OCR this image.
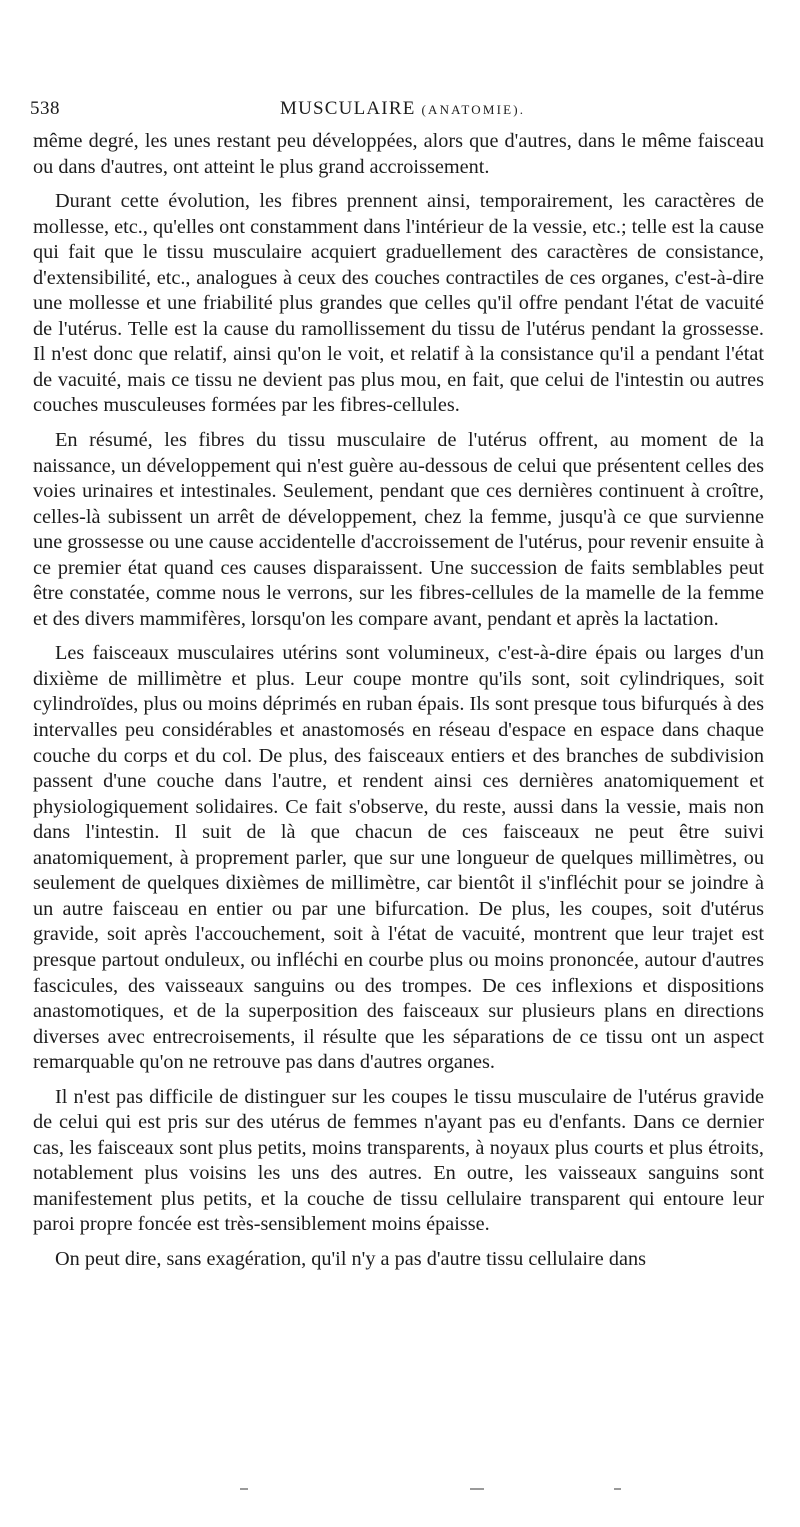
538	MUSCULAIRE (ANATOMIE).

même degré, les unes restant peu développées, alors que d'autres, dans le même faisceau ou dans d'autres, ont atteint le plus grand accroissement.

Durant cette évolution, les fibres prennent ainsi, temporairement, les caractères de mollesse, etc., qu'elles ont constamment dans l'intérieur de la vessie, etc.; telle est la cause qui fait que le tissu musculaire acquiert graduellement des caractères de consistance, d'extensibilité, etc., analogues à ceux des couches contractiles de ces organes, c'est-à-dire une mollesse et une friabilité plus grandes que celles qu'il offre pendant l'état de vacuité de l'utérus. Telle est la cause du ramollissement du tissu de l'utérus pendant la grossesse. Il n'est donc que relatif, ainsi qu'on le voit, et relatif à la consistance qu'il a pendant l'état de vacuité, mais ce tissu ne devient pas plus mou, en fait, que celui de l'intestin ou autres couches musculeuses formées par les fibres-cellules.

En résumé, les fibres du tissu musculaire de l'utérus offrent, au moment de la naissance, un développement qui n'est guère au-dessous de celui que présentent celles des voies urinaires et intestinales. Seulement, pendant que ces dernières continuent à croître, celles-là subissent un arrêt de développement, chez la femme, jusqu'à ce que survienne une grossesse ou une cause accidentelle d'accroissement de l'utérus, pour revenir ensuite à ce premier état quand ces causes disparaissent. Une succession de faits semblables peut être constatée, comme nous le verrons, sur les fibres-cellules de la mamelle de la femme et des divers mammifères, lorsqu'on les compare avant, pendant et après la lactation.

Les faisceaux musculaires utérins sont volumineux, c'est-à-dire épais ou larges d'un dixième de millimètre et plus. Leur coupe montre qu'ils sont, soit cylindriques, soit cylindroïdes, plus ou moins déprimés en ruban épais. Ils sont presque tous bifurqués à des intervalles peu considérables et anastomosés en réseau d'espace en espace dans chaque couche du corps et du col. De plus, des faisceaux entiers et des branches de subdivision passent d'une couche dans l'autre, et rendent ainsi ces dernières anatomiquement et physiologiquement solidaires. Ce fait s'observe, du reste, aussi dans la vessie, mais non dans l'intestin. Il suit de là que chacun de ces faisceaux ne peut être suivi anatomiquement, à proprement parler, que sur une longueur de quelques millimètres, ou seulement de quelques dixièmes de millimètre, car bientôt il s'infléchit pour se joindre à un autre faisceau en entier ou par une bifurcation. De plus, les coupes, soit d'utérus gravide, soit après l'accouchement, soit à l'état de vacuité, montrent que leur trajet est presque partout onduleux, ou infléchi en courbe plus ou moins prononcée, autour d'autres fascicules, des vaisseaux sanguins ou des trompes. De ces inflexions et dispositions anastomotiques, et de la superposition des faisceaux sur plusieurs plans en directions diverses avec entrecroisements, il résulte que les séparations de ce tissu ont un aspect remarquable qu'on ne retrouve pas dans d'autres organes.

Il n'est pas difficile de distinguer sur les coupes le tissu musculaire de l'utérus gravide de celui qui est pris sur des utérus de femmes n'ayant pas eu d'enfants. Dans ce dernier cas, les faisceaux sont plus petits, moins transparents, à noyaux plus courts et plus étroits, notablement plus voisins les uns des autres. En outre, les vaisseaux sanguins sont manifestement plus petits, et la couche de tissu cellulaire transparent qui entoure leur paroi propre foncée est très-sensiblement moins épaisse.

On peut dire, sans exagération, qu'il n'y a pas d'autre tissu cellulaire dans
